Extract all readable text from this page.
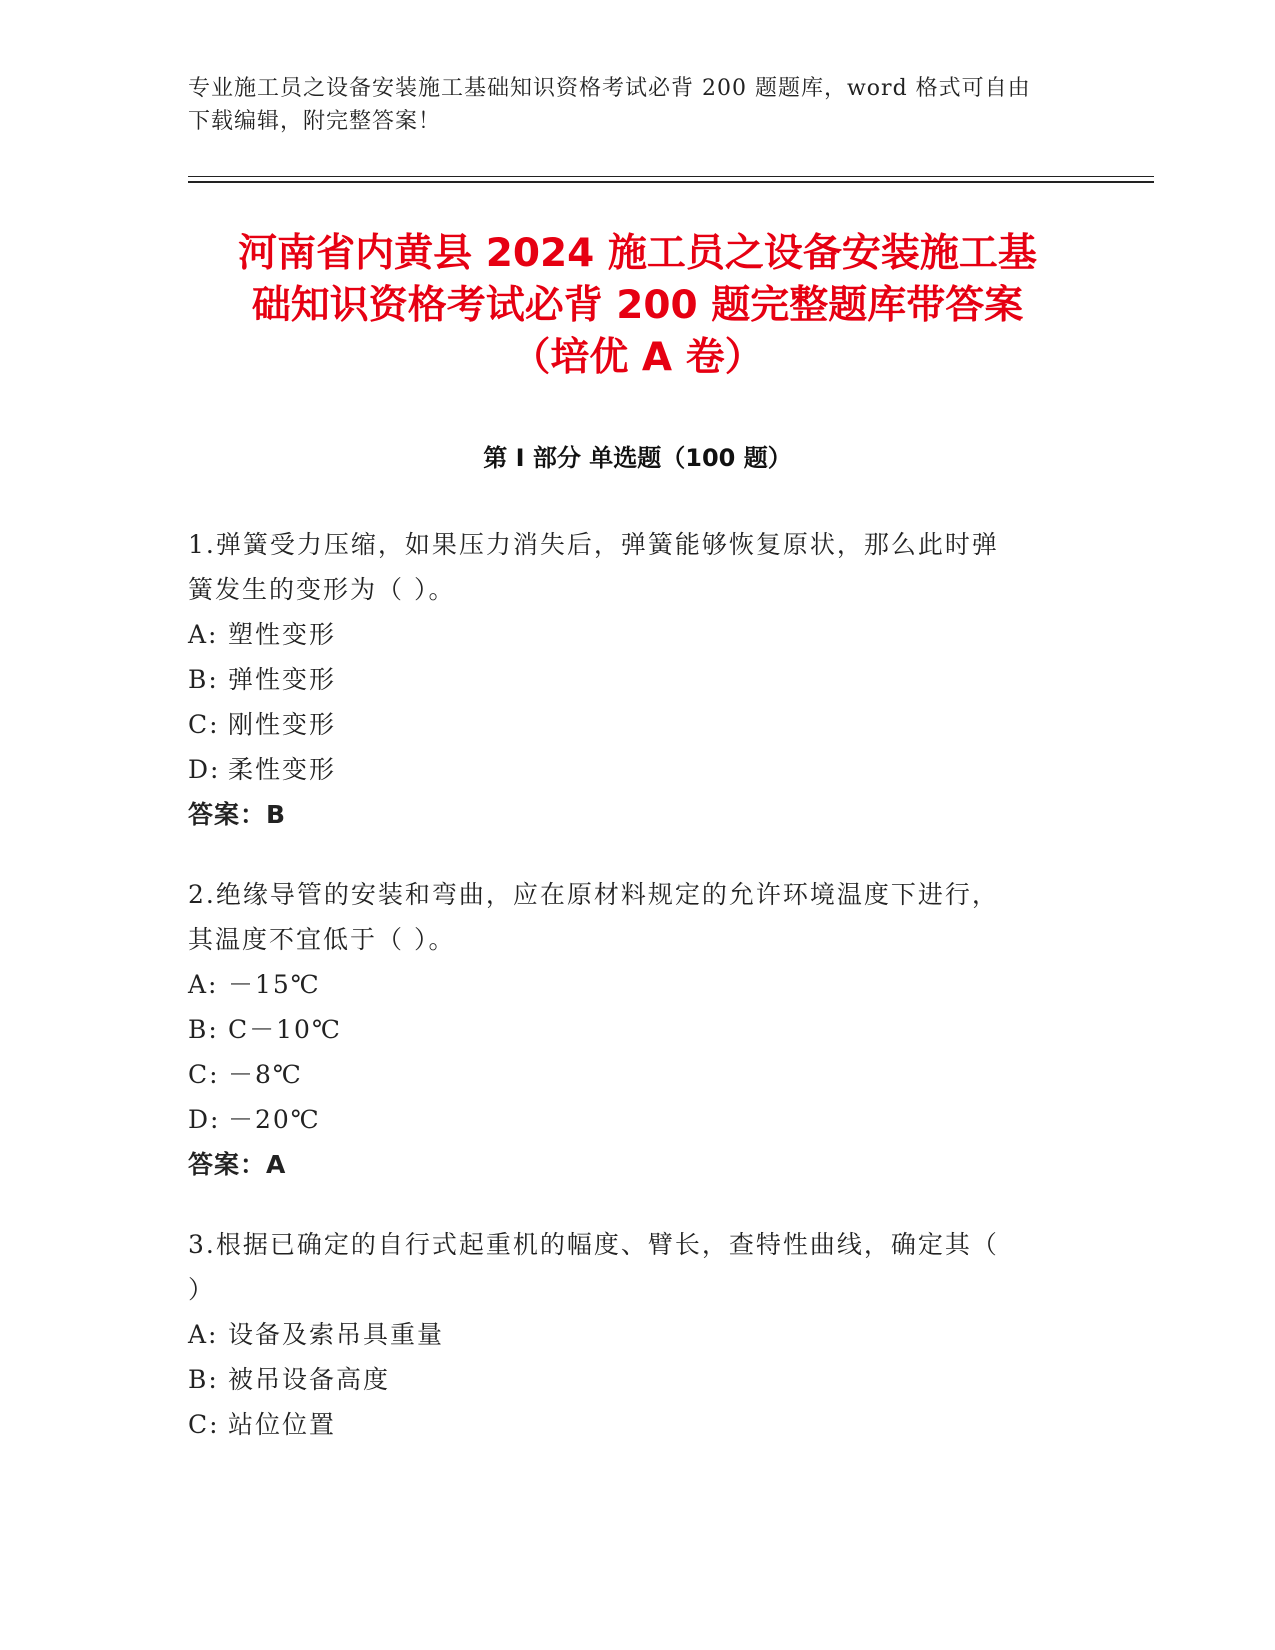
专业施工员之设备安装施工基础知识资格考试必背 200 题题库，word 格式可自由
下载编辑，附完整答案！
河南省内黄县 2024 施工员之设备安装施工基
础知识资格考试必背 200 题完整题库带答案
（培优 A 卷）
第 I 部分 单选题（100 题）
1.弹簧受力压缩，如果压力消失后，弹簧能够恢复原状，那么此时弹
簧发生的变形为（ ）。
A: 塑性变形
B: 弹性变形
C: 刚性变形
D: 柔性变形
答案：B
2.绝缘导管的安装和弯曲，应在原材料规定的允许环境温度下进行，
其温度不宜低于（ ）。
A: －15℃
B: C－10℃
C: －8℃
D: －20℃
答案：A
3.根据已确定的自行式起重机的幅度、臂长，查特性曲线，确定其（
）
A: 设备及索吊具重量
B: 被吊设备高度
C: 站位位置
